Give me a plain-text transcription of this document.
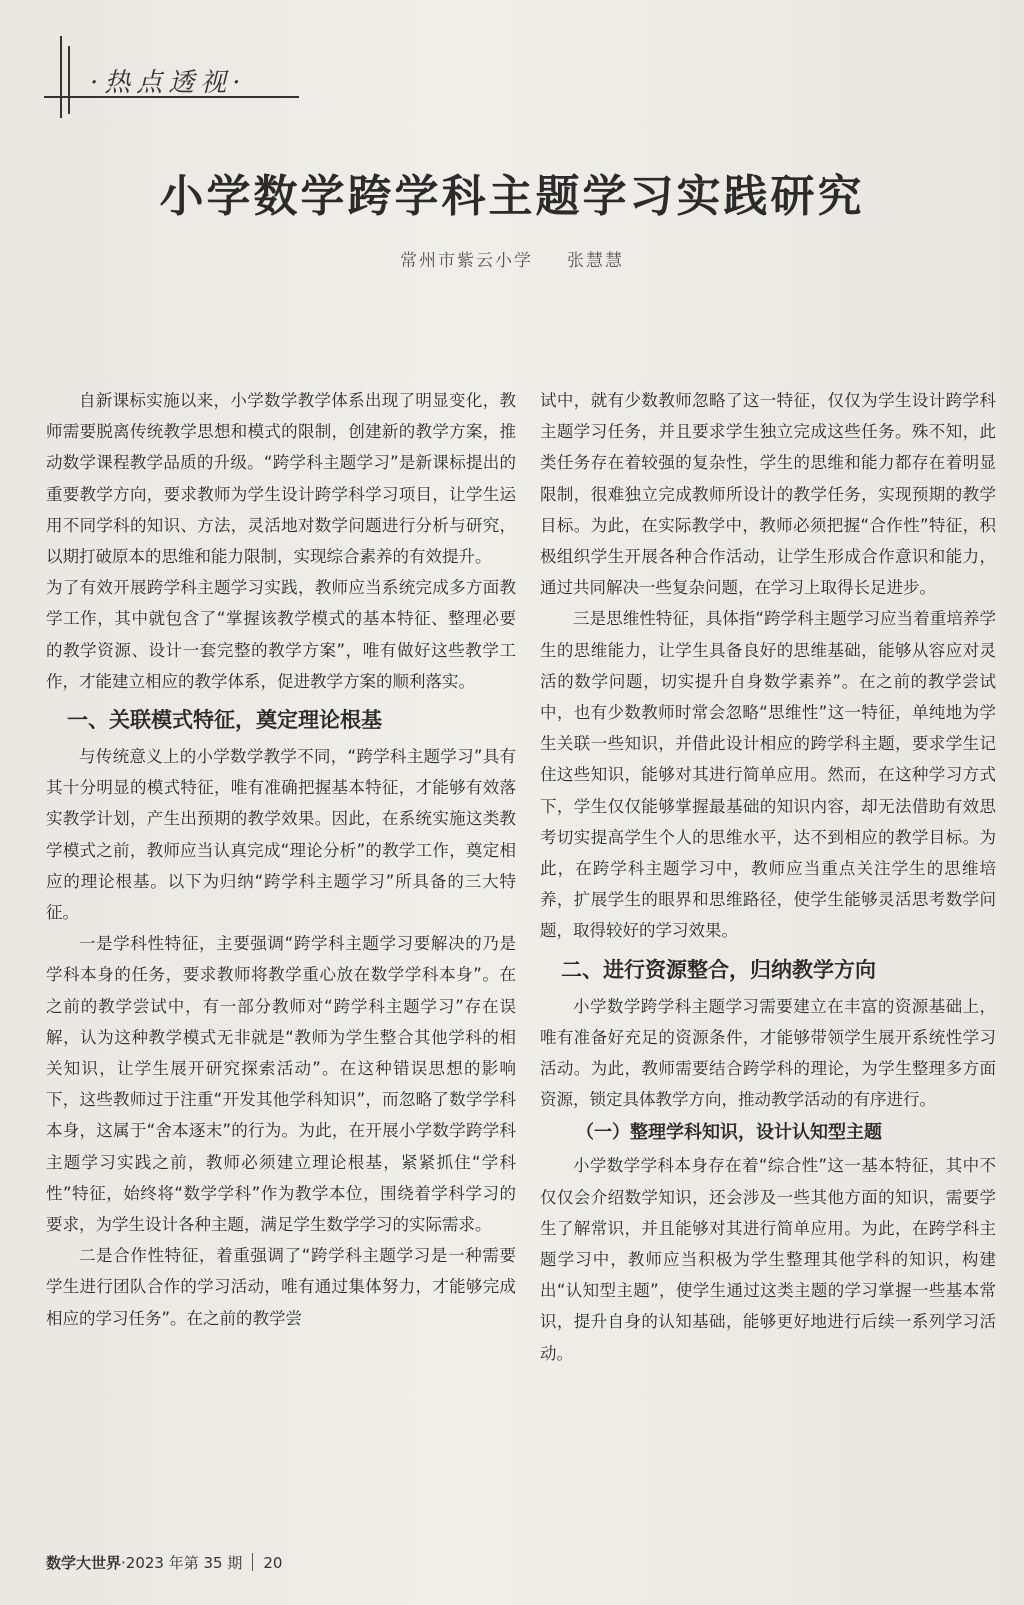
·热点透视·
小学数学跨学科主题学习实践研究
常州市紫云小学 张慧慧

自新课标实施以来，小学数学教学体系出现了明显变化，教师需要脱离传统教学思想和模式的限制，创建新的教学方案，推动数学课程教学品质的升级。“跨学科主题学习”是新课标提出的重要教学方向，要求教师为学生设计跨学科学习项目，让学生运用不同学科的知识、方法，灵活地对数学问题进行分析与研究，以期打破原本的思维和能力限制，实现综合素养的有效提升。

为了有效开展跨学科主题学习实践，教师应当系统完成多方面教学工作，其中就包含了“掌握该教学模式的基本特征、整理必要的教学资源、设计一套完整的教学方案”，唯有做好这些教学工作，才能建立相应的教学体系，促进教学方案的顺利落实。

一、关联模式特征，奠定理论根基

与传统意义上的小学数学教学不同，“跨学科主题学习”具有其十分明显的模式特征，唯有准确把握基本特征，才能够有效落实教学计划，产生出预期的教学效果。因此，在系统实施这类教学模式之前，教师应当认真完成“理论分析”的教学工作，奠定相应的理论根基。以下为归纳“跨学科主题学习”所具备的三大特征。

一是学科性特征，主要强调“跨学科主题学习要解决的乃是学科本身的任务，要求教师将教学重心放在数学学科本身”。在之前的教学尝试中，有一部分教师对“跨学科主题学习”存在误解，认为这种教学模式无非就是“教师为学生整合其他学科的相关知识，让学生展开研究探索活动”。在这种错误思想的影响下，这些教师过于注重“开发其他学科知识”，而忽略了数学学科本身，这属于“舍本逐末”的行为。为此，在开展小学数学跨学科主题学习实践之前，教师必须建立理论根基，紧紧抓住“学科性”特征，始终将“数学学科”作为教学本位，围绕着学科学习的要求，为学生设计各种主题，满足学生数学学习的实际需求。

二是合作性特征，着重强调了“跨学科主题学习是一种需要学生进行团队合作的学习活动，唯有通过集体努力，才能够完成相应的学习任务”。在之前的教学尝

试中，就有少数教师忽略了这一特征，仅仅为学生设计跨学科主题学习任务，并且要求学生独立完成这些任务。殊不知，此类任务存在着较强的复杂性，学生的思维和能力都存在着明显限制，很难独立完成教师所设计的教学任务，实现预期的教学目标。为此，在实际教学中，教师必须把握“合作性”特征，积极组织学生开展各种合作活动，让学生形成合作意识和能力，通过共同解决一些复杂问题，在学习上取得长足进步。

三是思维性特征，具体指“跨学科主题学习应当着重培养学生的思维能力，让学生具备良好的思维基础，能够从容应对灵活的数学问题，切实提升自身数学素养”。在之前的教学尝试中，也有少数教师时常会忽略“思维性”这一特征，单纯地为学生关联一些知识，并借此设计相应的跨学科主题，要求学生记住这些知识，能够对其进行简单应用。然而，在这种学习方式下，学生仅仅能够掌握最基础的知识内容，却无法借助有效思考切实提高学生个人的思维水平，达不到相应的教学目标。为此，在跨学科主题学习中，教师应当重点关注学生的思维培养，扩展学生的眼界和思维路径，使学生能够灵活思考数学问题，取得较好的学习效果。

二、进行资源整合，归纳教学方向

小学数学跨学科主题学习需要建立在丰富的资源基础上，唯有准备好充足的资源条件，才能够带领学生展开系统性学习活动。为此，教师需要结合跨学科的理论，为学生整理多方面资源，锁定具体教学方向，推动教学活动的有序进行。

（一）整理学科知识，设计认知型主题

小学数学学科本身存在着“综合性”这一基本特征，其中不仅仅会介绍数学知识，还会涉及一些其他方面的知识，需要学生了解常识，并且能够对其进行简单应用。为此，在跨学科主题学习中，教师应当积极为学生整理其他学科的知识，构建出“认知型主题”，使学生通过这类主题的学习掌握一些基本常识，提升自身的认知基础，能够更好地进行后续一系列学习活动。

数学大世界·2023 年第 35 期 20
